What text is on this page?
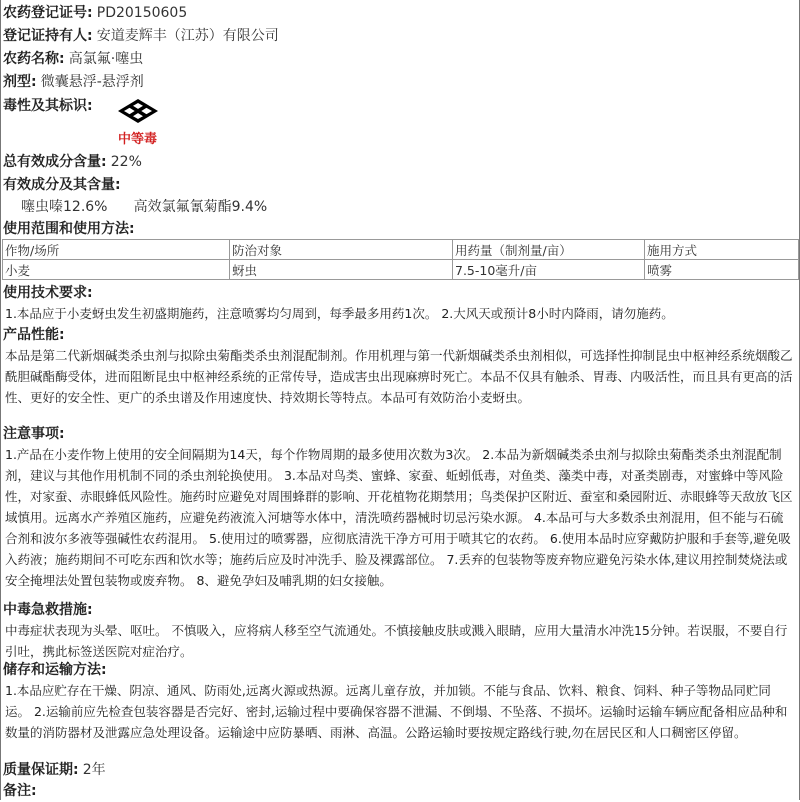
农药登记证号: PD20150605
登记证持有人: 安道麦辉丰（江苏）有限公司
农药名称: 高氯氟·噻虫
剂型: 微囊悬浮-悬浮剂
毒性及其标识:
中等毒
总有效成分含量: 22%
有效成分及其含量:
噻虫嗪12.6% 高效氯氟氰菊酯9.4%
使用范围和使用方法:
作物/场所	防治对象	用药量（制剂量/亩）	施用方式
小麦	蚜虫	7.5-10毫升/亩	喷雾
使用技术要求:
1.本品应于小麦蚜虫发生初盛期施药，注意喷雾均匀周到，每季最多用药1次。 2.大风天或预计8小时内降雨，请勿施药。
产品性能:
本品是第二代新烟碱类杀虫剂与拟除虫菊酯类杀虫剂混配制剂。作用机理与第一代新烟碱类杀虫剂相似，可选择性抑制昆虫中枢神经系统烟酸乙酰胆碱酯酶受体，进而阻断昆虫中枢神经系统的正常传导，造成害虫出现麻痹时死亡。本品不仅具有触杀、胃毒、内吸活性，而且具有更高的活性、更好的安全性、更广的杀虫谱及作用速度快、持效期长等特点。本品可有效防治小麦蚜虫。
注意事项:
1.产品在小麦作物上使用的安全间隔期为14天，每个作物周期的最多使用次数为3次。 2.本品为新烟碱类杀虫剂与拟除虫菊酯类杀虫剂混配制剂，建议与其他作用机制不同的杀虫剂轮换使用。 3.本品对鸟类、蜜蜂、家蚕、蚯蚓低毒，对鱼类、藻类中毒，对蚤类剧毒，对蜜蜂中等风险性，对家蚕、赤眼蜂低风险性。施药时应避免对周围蜂群的影响、开花植物花期禁用；鸟类保护区附近、蚕室和桑园附近、赤眼蜂等天敌放飞区域慎用。远离水产养殖区施药，应避免药液流入河塘等水体中，清洗喷药器械时切忌污染水源。 4.本品可与大多数杀虫剂混用，但不能与石硫合剂和波尔多液等强碱性农药混用。 5.使用过的喷雾器，应彻底清洗干净方可用于喷其它的农药。 6.使用本品时应穿戴防护服和手套等,避免吸入药液；施药期间不可吃东西和饮水等；施药后应及时冲洗手、脸及裸露部位。 7.丢弃的包装物等废弃物应避免污染水体,建议用控制焚烧法或安全掩埋法处置包装物或废弃物。 8、避免孕妇及哺乳期的妇女接触。
中毒急救措施:
中毒症状表现为头晕、呕吐。 不慎吸入，应将病人移至空气流通处。不慎接触皮肤或溅入眼睛，应用大量清水冲洗15分钟。若误服，不要自行引吐，携此标签送医院对症治疗。
储存和运输方法:
1.本品应贮存在干燥、阴凉、通风、防雨处,远离火源或热源。远离儿童存放，并加锁。不能与食品、饮料、粮食、饲料、种子等物品同贮同运。 2.运输前应先检查包装容器是否完好、密封,运输过程中要确保容器不泄漏、不倒塌、不坠落、不损坏。运输时运输车辆应配备相应品种和数量的消防器材及泄露应急处理设备。运输途中应防暴晒、雨淋、高温。公路运输时要按规定路线行驶,勿在居民区和人口稠密区停留。
质量保证期: 2年
备注:
